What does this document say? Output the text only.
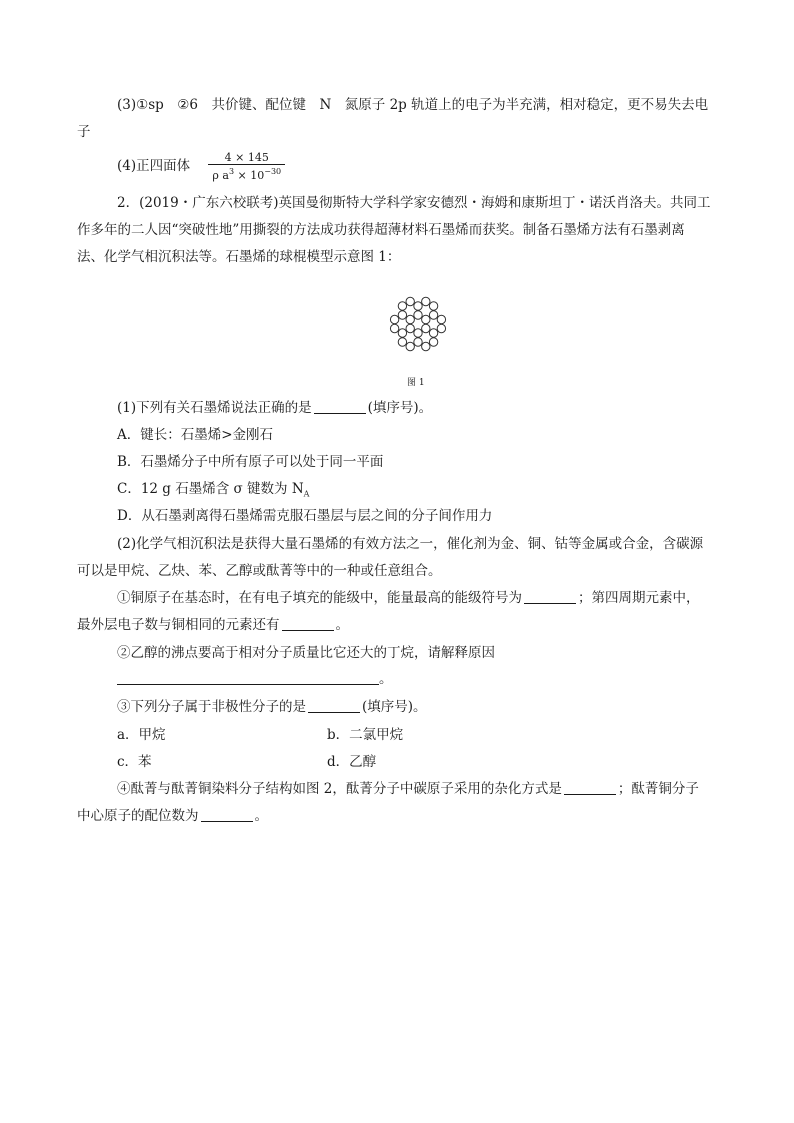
(3)①sp　②6　共价键、配位键　N　氮原子 2p 轨道上的电子为半充满，相对稳定，更不易失去电
子
(4)正四面体 $\frac{4 \times 145}{\rho a^3 \times 10^{-30}}$
2．(2019・广东六校联考)英国曼彻斯特大学科学家安德烈・海姆和康斯坦丁・诺沃肖洛夫。共同工
作多年的二人因“突破性地”用撕裂的方法成功获得超薄材料石墨烯而获奖。制备石墨烯方法有石墨剥离
法、化学气相沉积法等。石墨烯的球棍模型示意图 1：
图 1
(1)下列有关石墨烯说法正确的是	(填序号)。
A．键长：石墨烯>金刚石
B．石墨烯分子中所有原子可以处于同一平面
C．12 g 石墨烯含 σ 键数为 $N_A$
D．从石墨剥离得石墨烯需克服石墨层与层之间的分子间作用力
(2)化学气相沉积法是获得大量石墨烯的有效方法之一，催化剂为金、铜、钴等金属或合金，含碳源
可以是甲烷、乙炔、苯、乙醇或酞菁等中的一种或任意组合。
①铜原子在基态时，在有电子填充的能级中，能量最高的能级符号为	；第四周期元素中，
最外层电子数与铜相同的元素还有	。
②乙醇的沸点要高于相对分子质量比它还大的丁烷，请解释原因
。
③下列分子属于非极性分子的是	(填序号)。
a．甲烷	b．二氯甲烷
c．苯	d．乙醇
④酞菁与酞菁铜染料分子结构如图 2，酞菁分子中碳原子采用的杂化方式是	；酞菁铜分子
中心原子的配位数为	。
